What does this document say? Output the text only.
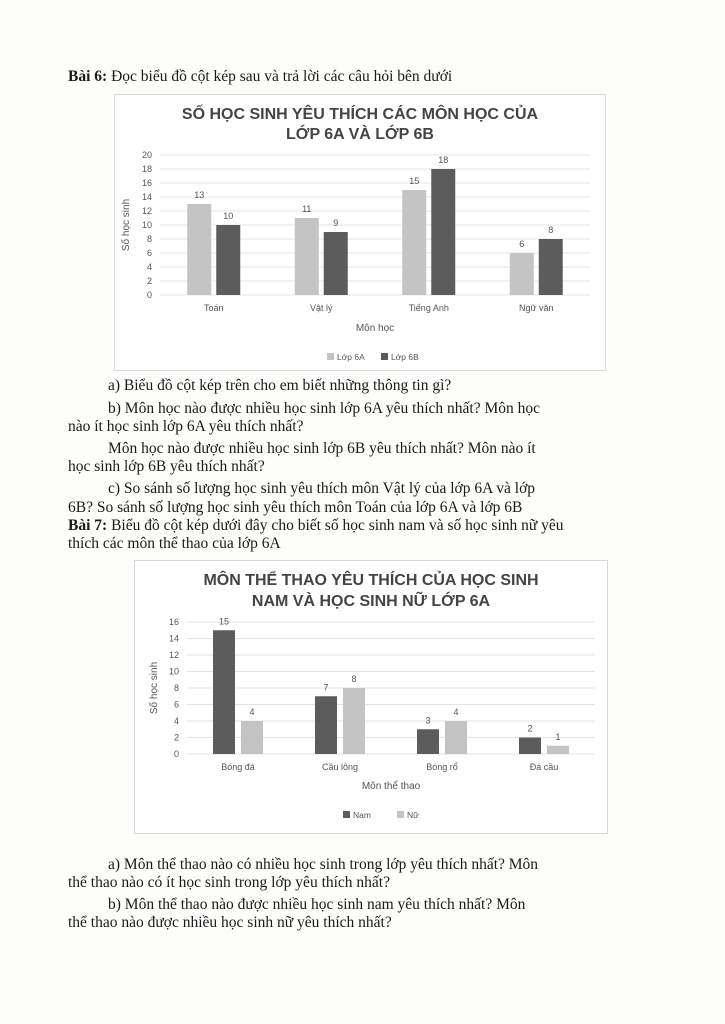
Bài 6: Đọc biểu đồ cột kép sau và trả lời các câu hỏi bên dưới
SỐ HỌC SINH YÊU THÍCH CÁC MÔN HỌC CỦA
LỚP 6A VÀ LỚP 6B
0
2
4
6
8
10
12
14
16
18
20
Số học sinh
13
10
Toán
11
9
Vật lý
15
18
Tiếng Anh
6
8
Ngữ văn
Môn học
Lớp 6A	Lớp 6B
a) Biểu đồ cột kép trên cho em biết những thông tin gì?
b) Môn học nào được nhiều học sinh lớp 6A yêu thích nhất? Môn học
nào ít học sinh lớp 6A yêu thích nhất?
Môn học nào được nhiều học sinh lớp 6B yêu thích nhất? Môn nào ít
học sinh lớp 6B yêu thích nhất?
c) So sánh số lượng học sinh yêu thích môn Vật lý của lớp 6A và lớp
6B? So sánh số lượng học sinh yêu thích môn Toán của lớp 6A và lớp 6B
Bài 7: Biểu đồ cột kép dưới đây cho biết số học sinh nam và số học sinh nữ yêu
thích các môn thể thao của lớp 6A
MÔN THỂ THAO YÊU THÍCH CỦA HỌC SINH
NAM VÀ HỌC SINH NỮ LỚP 6A
0
2
4
6
8
10
12
14
16
Số học sinh
15
4
Bóng đá
7
8
Cầu lông
3
4
Bóng rổ
2
1
Đá cầu
Môn thể thao
Nam	Nữ
a) Môn thể thao nào có nhiều học sinh trong lớp yêu thích nhất? Môn
thể thao nào có ít học sinh trong lớp yêu thích nhất?
b) Môn thể thao nào được nhiều học sinh nam yêu thích nhất? Môn
thể thao nào được nhiều học sinh nữ yêu thích nhất?
